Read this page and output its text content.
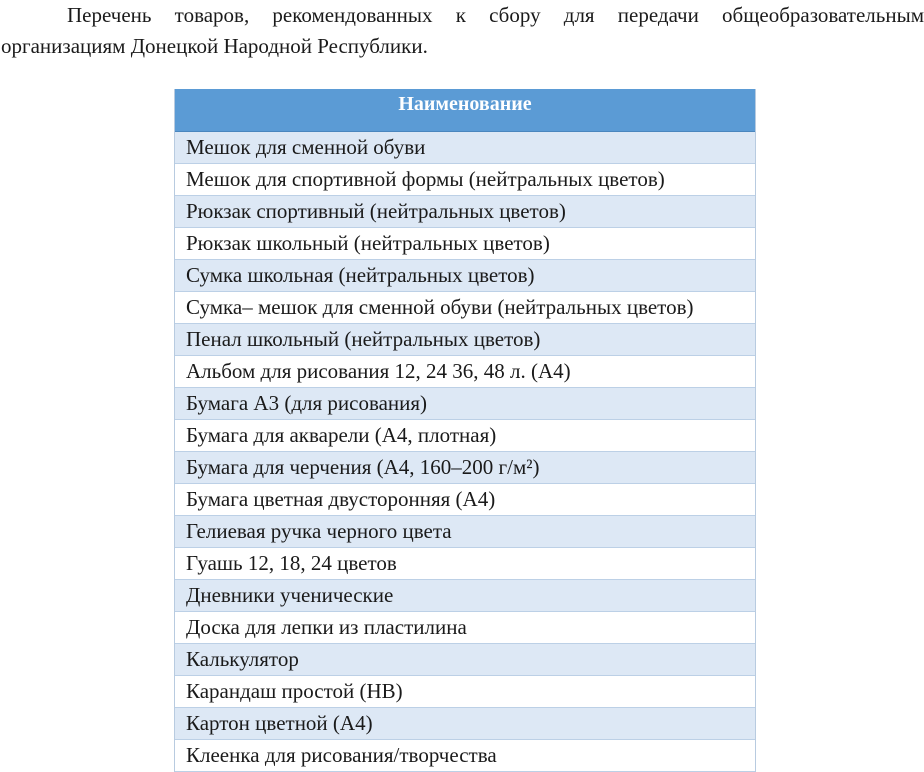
Перечень товаров, рекомендованных к сбору для передачи общеобразовательным
организациям Донецкой Народной Республики.
Наименование
Мешок для сменной обуви
Мешок для спортивной формы (нейтральных цветов)
Рюкзак спортивный (нейтральных цветов)
Рюкзак школьный (нейтральных цветов)
Сумка школьная (нейтральных цветов)
Сумка– мешок для сменной обуви (нейтральных цветов)
Пенал школьный (нейтральных цветов)
Альбом для рисования 12, 24 36, 48 л. (А4)
Бумага А3 (для рисования)
Бумага для акварели (А4, плотная)
Бумага для черчения (А4, 160–200 г/м²)
Бумага цветная двусторонняя (А4)
Гелиевая ручка черного цвета
Гуашь 12, 18, 24 цветов
Дневники ученические
Доска для лепки из пластилина
Калькулятор
Карандаш простой (НВ)
Картон цветной (А4)
Клеенка для рисования/творчества
